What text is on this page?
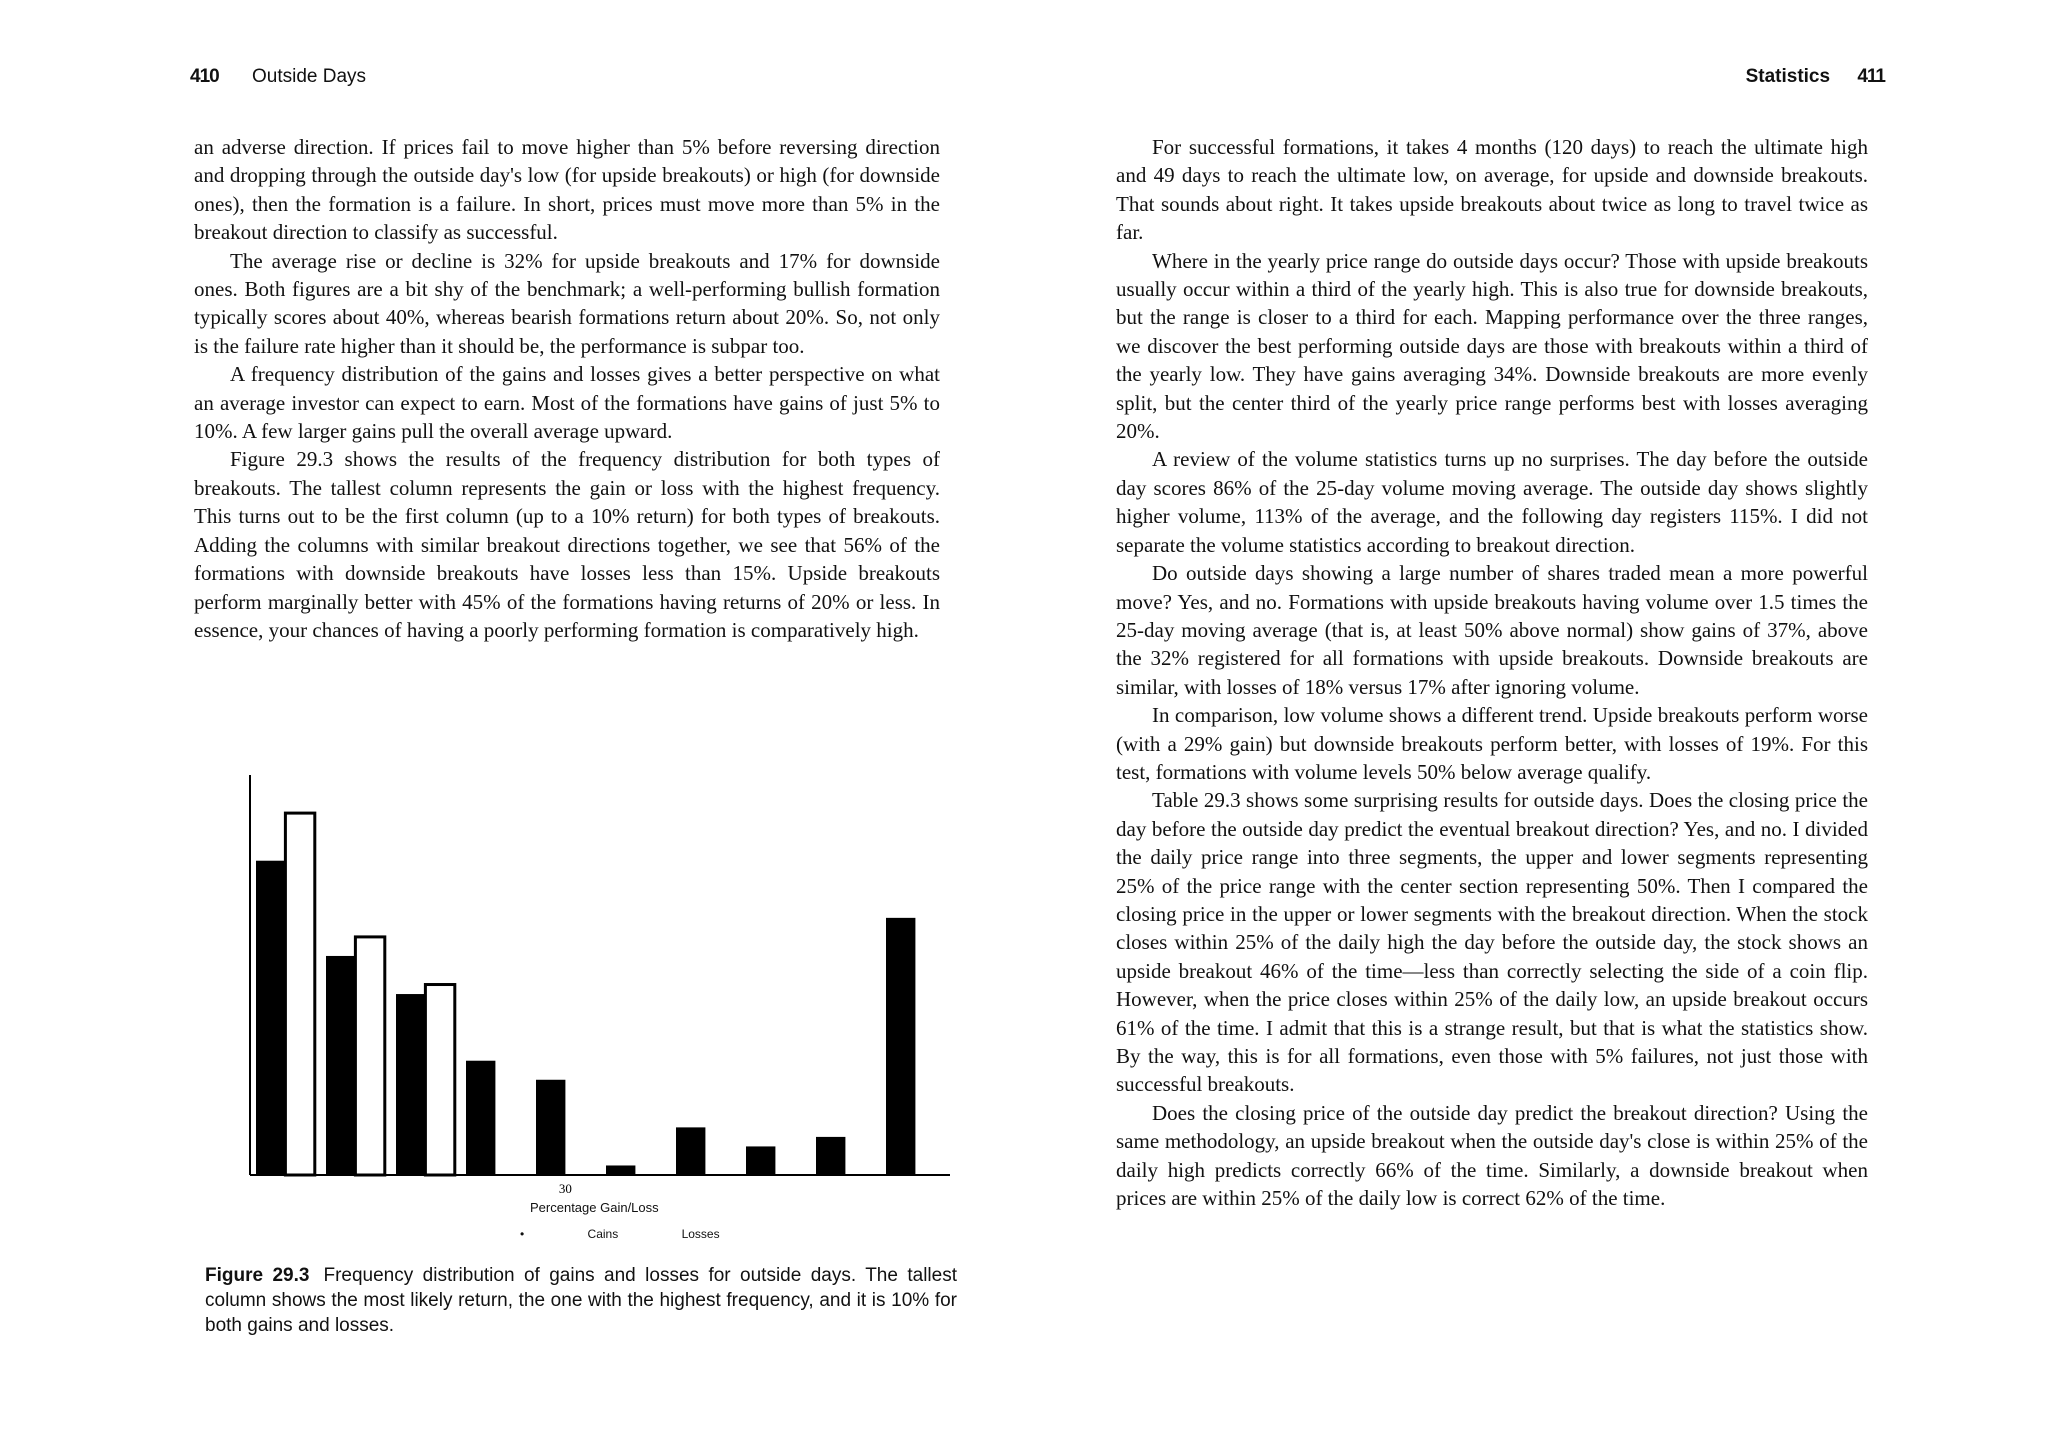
410 Outside Days	Statistics 411

an adverse direction. If prices fail to move higher than 5% before reversing direction and dropping through the outside day's low (for upside breakouts) or high (for downside ones), then the formation is a failure. In short, prices must move more than 5% in the breakout direction to classify as successful.

The average rise or decline is 32% for upside breakouts and 17% for downside ones. Both figures are a bit shy of the benchmark; a well-performing bullish formation typically scores about 40%, whereas bearish formations return about 20%. So, not only is the failure rate higher than it should be, the performance is subpar too.

A frequency distribution of the gains and losses gives a better perspective on what an average investor can expect to earn. Most of the formations have gains of just 5% to 10%. A few larger gains pull the overall average upward.

Figure 29.3 shows the results of the frequency distribution for both types of breakouts. The tallest column represents the gain or loss with the highest frequency. This turns out to be the first column (up to a 10% return) for both types of breakouts. Adding the columns with similar breakout directions together, we see that 56% of the formations with downside breakouts have losses less than 15%. Upside breakouts perform marginally better with 45% of the formations having returns of 20% or less. In essence, your chances of having a poorly performing formation is comparatively high.

30
Percentage Gain/Loss
•	Cains	Losses
Figure 29.3 Frequency distribution of gains and losses for outside days. The tallest column shows the most likely return, the one with the highest frequency, and it is 10% for both gains and losses.

For successful formations, it takes 4 months (120 days) to reach the ultimate high and 49 days to reach the ultimate low, on average, for upside and downside breakouts. That sounds about right. It takes upside breakouts about twice as long to travel twice as far.

Where in the yearly price range do outside days occur? Those with upside breakouts usually occur within a third of the yearly high. This is also true for downside breakouts, but the range is closer to a third for each. Mapping performance over the three ranges, we discover the best performing outside days are those with breakouts within a third of the yearly low. They have gains averaging 34%. Downside breakouts are more evenly split, but the center third of the yearly price range performs best with losses averaging 20%.

A review of the volume statistics turns up no surprises. The day before the outside day scores 86% of the 25-day volume moving average. The outside day shows slightly higher volume, 113% of the average, and the following day registers 115%. I did not separate the volume statistics according to breakout direction.

Do outside days showing a large number of shares traded mean a more powerful move? Yes, and no. Formations with upside breakouts having volume over 1.5 times the 25-day moving average (that is, at least 50% above normal) show gains of 37%, above the 32% registered for all formations with upside breakouts. Downside breakouts are similar, with losses of 18% versus 17% after ignoring volume.

In comparison, low volume shows a different trend. Upside breakouts perform worse (with a 29% gain) but downside breakouts perform better, with losses of 19%. For this test, formations with volume levels 50% below average qualify.

Table 29.3 shows some surprising results for outside days. Does the closing price the day before the outside day predict the eventual breakout direction? Yes, and no. I divided the daily price range into three segments, the upper and lower segments representing 25% of the price range with the center section representing 50%. Then I compared the closing price in the upper or lower segments with the breakout direction. When the stock closes within 25% of the daily high the day before the outside day, the stock shows an upside breakout 46% of the time—less than correctly selecting the side of a coin flip. However, when the price closes within 25% of the daily low, an upside breakout occurs 61% of the time. I admit that this is a strange result, but that is what the statistics show. By the way, this is for all formations, even those with 5% failures, not just those with successful breakouts.

Does the closing price of the outside day predict the breakout direction? Using the same methodology, an upside breakout when the outside day's close is within 25% of the daily high predicts correctly 66% of the time. Similarly, a downside breakout when prices are within 25% of the daily low is correct 62% of the time.
